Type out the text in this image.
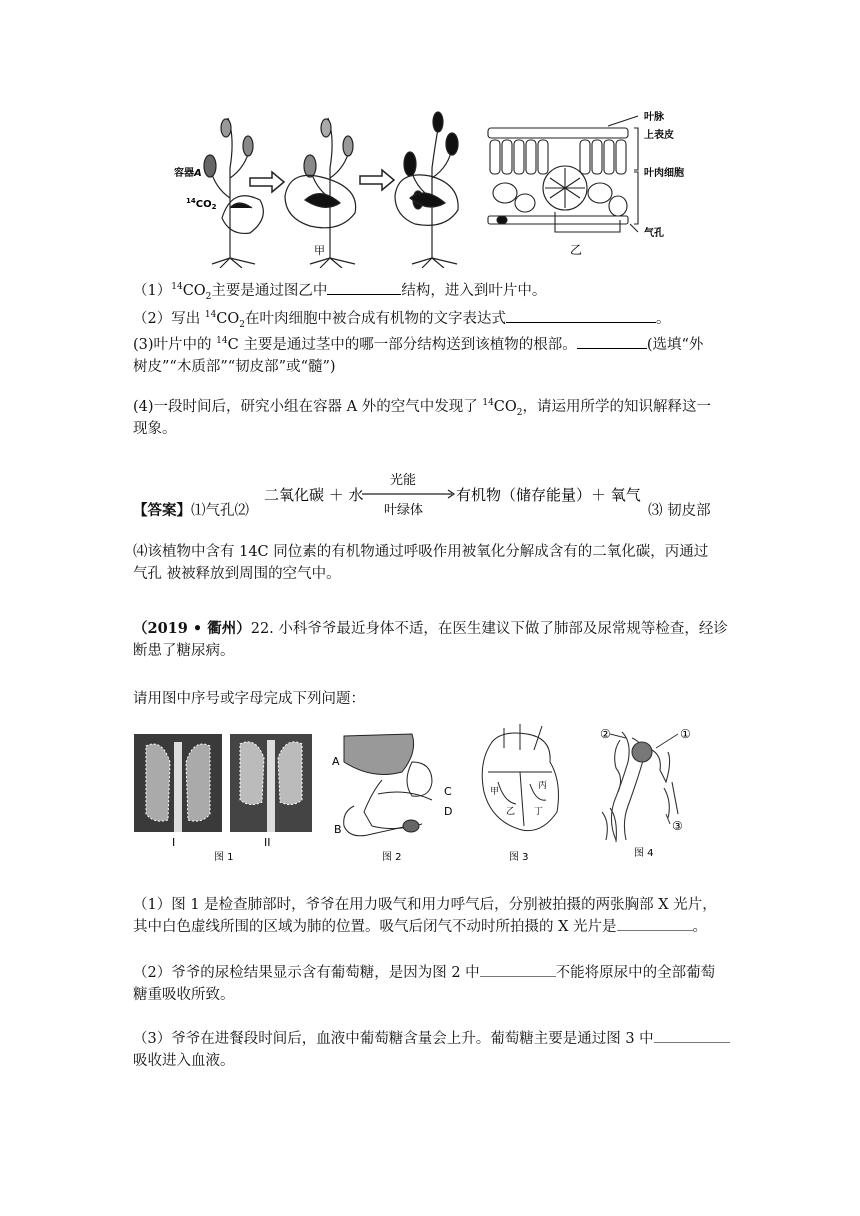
容器A
$^{14}CO_2$
甲
叶脉
上表皮
叶肉细胞
气孔
乙
$(1)^{14}CO_2$主要是通过图乙中	结构，进入到叶片中。
（2）写出 $^{14}CO_2$在叶肉细胞中被合成有机物的文字表达式	。
(3)叶片中的 $^{14}$C 主要是通过茎中的哪一部分结构送到该植物的根部。	(选填“外
树皮”“木质部”“韧皮部”或“髓”)
(4)一段时间后，研究小组在容器 A 外的空气中发现了 $^{14}CO_2$，请运用所学的知识解释这一
现象。
【答案】⑴气孔⑵
二氧化碳 ＋ 水
光能
叶绿体
有机物（储存能量）＋ 氧气
⑶ 韧皮部
⑷该植物中含有 14C 同位素的有机物通过呼吸作用被氧化分解成含有的二氧化碳，丙通过
气孔 被被释放到周围的空气中。
（2019 • 衢州）22. 小科爷爷最近身体不适，在医生建议下做了肺部及尿常规等检查，经诊
断患了糖尿病。
请用图中序号或字母完成下列问题：
I	II
图 1
A
B
C
D
图 2
甲
乙
丙
丁
图 3
②	①
③
图 4
（1）图 1 是检查肺部时，爷爷在用力吸气和用力呼气后，分别被拍摄的两张胸部 X 光片，
其中白色虚线所围的区域为肺的位置。吸气后闭气不动时所拍摄的 X 光片是	。
（2）爷爷的尿检结果显示含有葡萄糖，是因为图 2 中	不能将原尿中的全部葡萄
糖重吸收所致。
（3）爷爷在进餐段时间后，血液中葡萄糖含量会上升。葡萄糖主要是通过图 3 中
吸收进入血液。
